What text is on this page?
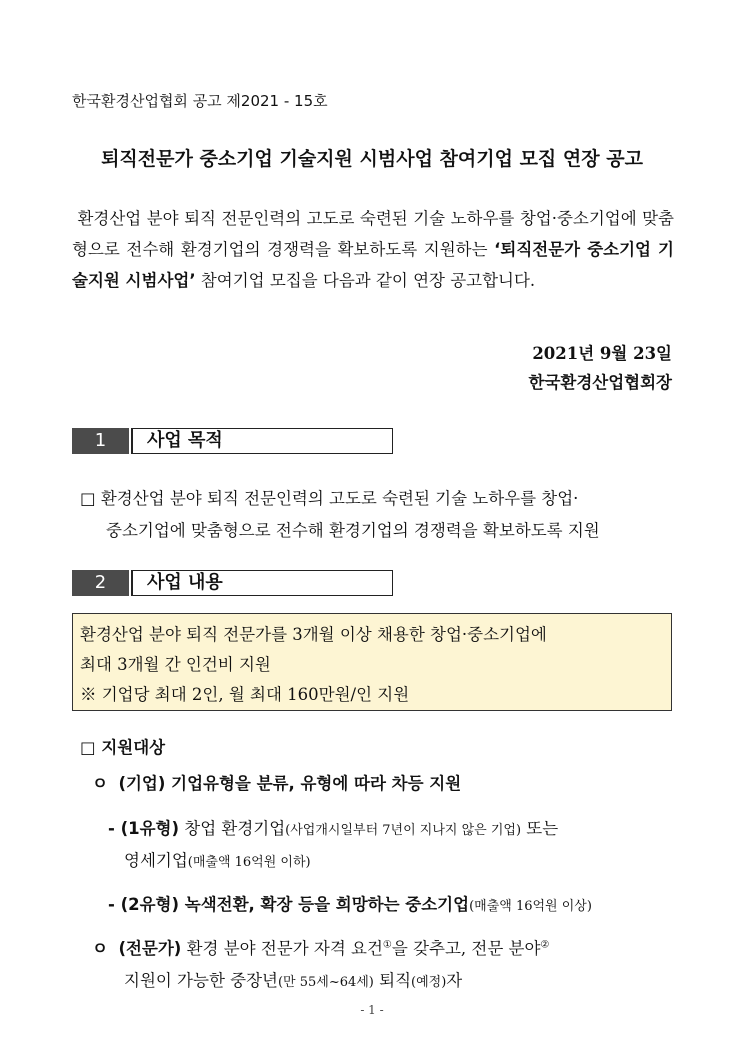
한국환경산업협회 공고 제2021 - 15호
퇴직전문가 중소기업 기술지원 시범사업 참여기업 모집 연장 공고
환경산업 분야 퇴직 전문인력의 고도로 숙련된 기술 노하우를 창업·중소기업에 맞춤형으로 전수해 환경기업의 경쟁력을 확보하도록 지원하는 ‘퇴직전문가 중소기업 기술지원 시범사업’ 참여기업 모집을 다음과 같이 연장 공고합니다.
2021년 9월 23일
한국환경산업협회장
1	사업 목적
□ 환경산업 분야 퇴직 전문인력의 고도로 숙련된 기술 노하우를 창업·
중소기업에 맞춤형으로 전수해 환경기업의 경쟁력을 확보하도록 지원
2	사업 내용
환경산업 분야 퇴직 전문가를 3개월 이상 채용한 창업·중소기업에
최대 3개월 간 인건비 지원
※ 기업당 최대 2인, 월 최대 160만원/인 지원
□ 지원대상
ㅇ (기업) 기업유형을 분류, 유형에 따라 차등 지원
- (1유형) 창업 환경기업(사업개시일부터 7년이 지나지 않은 기업) 또는
영세기업(매출액 16억원 이하)
- (2유형) 녹색전환, 확장 등을 희망하는 중소기업(매출액 16억원 이상)
ㅇ (전문가) 환경 분야 전문가 자격 요건①을 갖추고, 전문 분야②
지원이 가능한 중장년(만 55세~64세) 퇴직(예정)자
- 1 -
